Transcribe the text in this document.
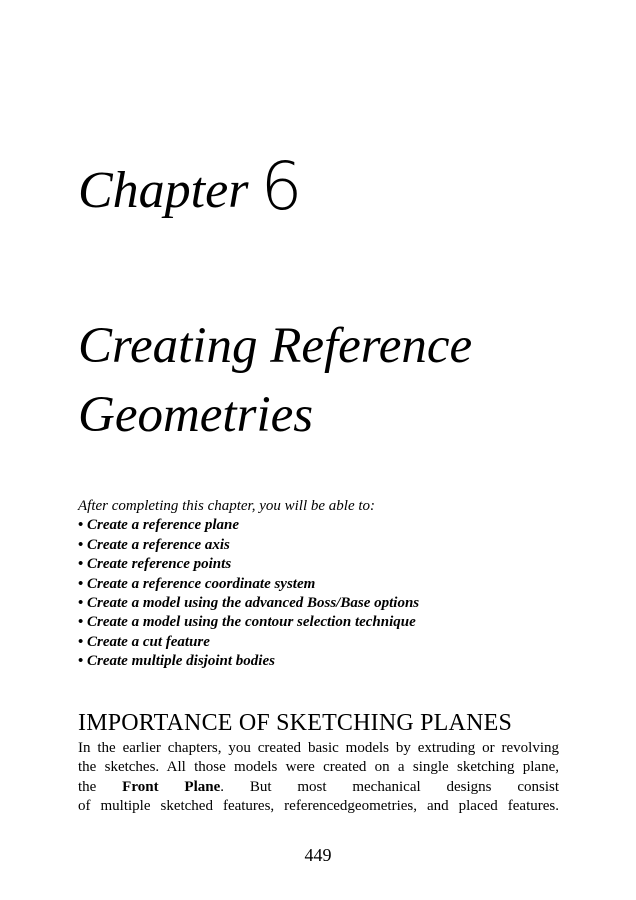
Chapter 6
Creating Reference
Geometries

After completing this chapter, you will be able to:

• Create a reference plane
• Create a reference axis
• Create reference points
• Create a reference coordinate system
• Create a model using the advanced Boss/Base options
• Create a model using the contour selection technique
• Create a cut feature
• Create multiple disjoint bodies
IMPORTANCE OF SKETCHING PLANES

In the earlier chapters, you created basic models by extruding or revolving
the sketches. All those models were created on a single sketching plane,
the Front Plane. But most mechanical designs consist
of multiple sketched features, referencedgeometries, and placed features.

449
